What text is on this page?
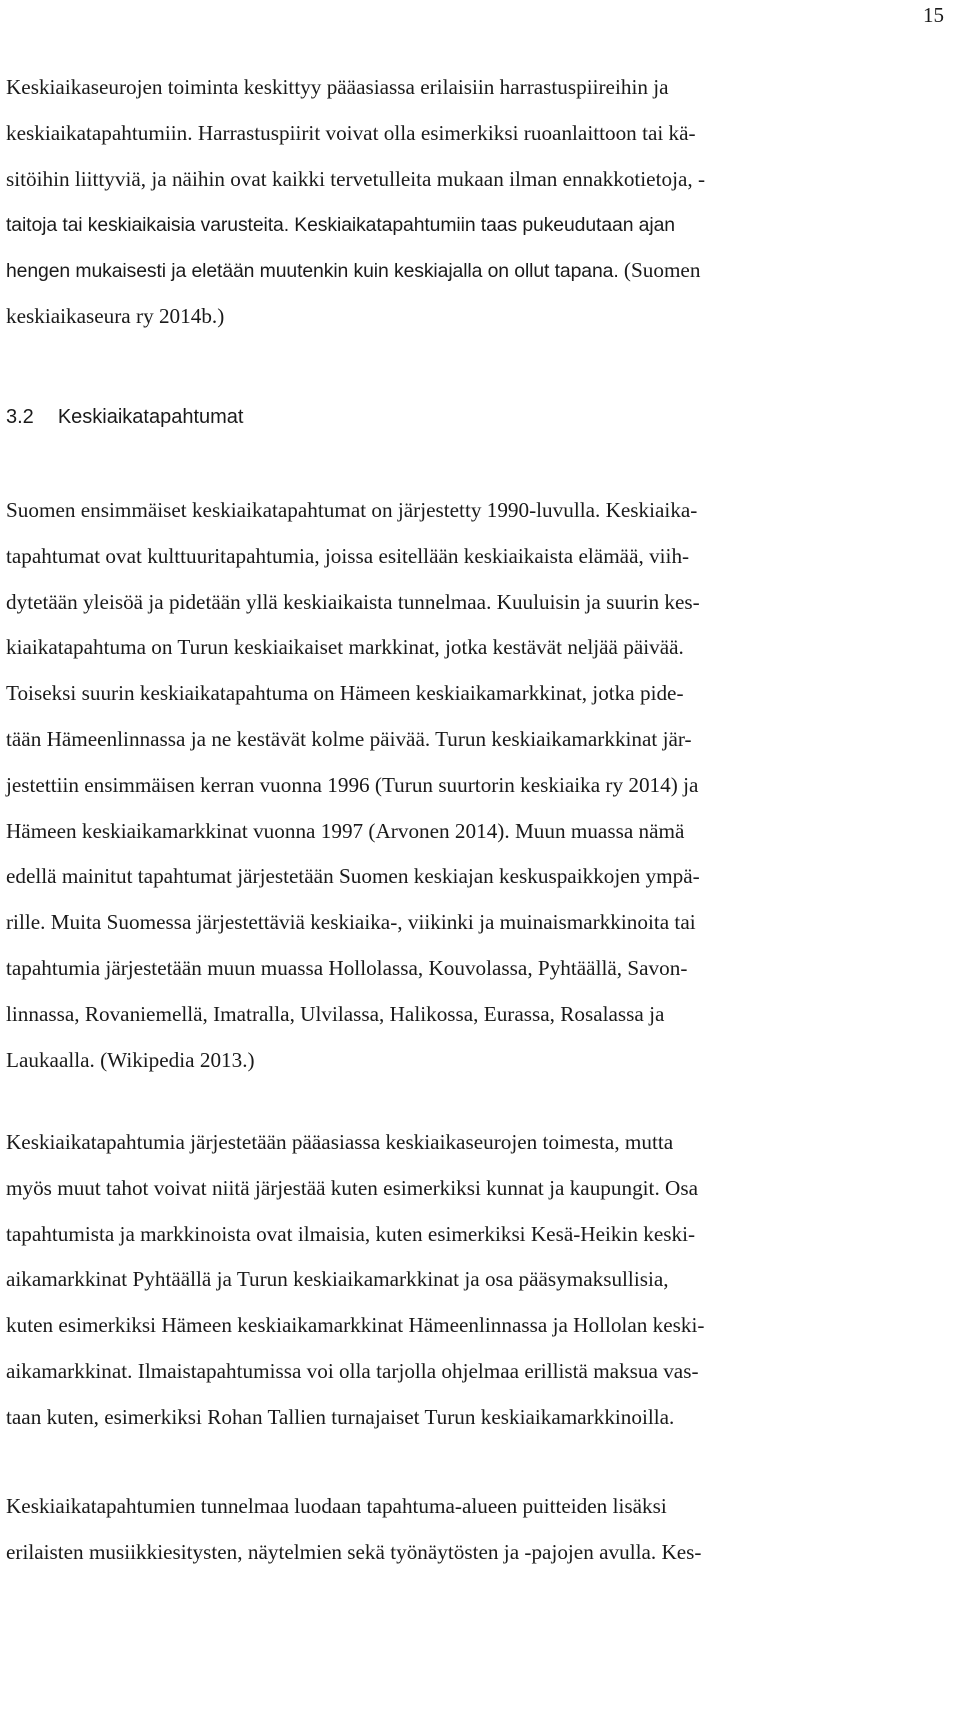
15
Keskiaikaseurojen toiminta keskittyy pääasiassa erilaisiin harrastuspiireihin ja
keskiaikatapahtumiin. Harrastuspiirit voivat olla esimerkiksi ruoanlaittoon tai kä-
sitöihin liittyviä, ja näihin ovat kaikki tervetulleita mukaan ilman ennakkotietoja, -
taitoja tai keskiaikaisia varusteita. Keskiaikatapahtumiin taas pukeudutaan ajan
hengen mukaisesti ja eletään muutenkin kuin keskiajalla on ollut tapana. (Suomen
keskiaikaseura ry 2014b.)
3.2 Keskiaikatapahtumat
Suomen ensimmäiset keskiaikatapahtumat on järjestetty 1990-luvulla. Keskiaika-
tapahtumat ovat kulttuuritapahtumia, joissa esitellään keskiaikaista elämää, viih-
dytetään yleisöä ja pidetään yllä keskiaikaista tunnelmaa. Kuuluisin ja suurin kes-
kiaikatapahtuma on Turun keskiaikaiset markkinat, jotka kestävät neljää päivää.
Toiseksi suurin keskiaikatapahtuma on Hämeen keskiaikamarkkinat, jotka pide-
tään Hämeenlinnassa ja ne kestävät kolme päivää. Turun keskiaikamarkkinat jär-
jestettiin ensimmäisen kerran vuonna 1996 (Turun suurtorin keskiaika ry 2014) ja
Hämeen keskiaikamarkkinat vuonna 1997 (Arvonen 2014). Muun muassa nämä
edellä mainitut tapahtumat järjestetään Suomen keskiajan keskuspaikkojen ympä-
rille. Muita Suomessa järjestettäviä keskiaika-, viikinki ja muinaismarkkinoita tai
tapahtumia järjestetään muun muassa Hollolassa, Kouvolassa, Pyhtäällä, Savon-
linnassa, Rovaniemellä, Imatralla, Ulvilassa, Halikossa, Eurassa, Rosalassa ja
Laukaalla. (Wikipedia 2013.)
Keskiaikatapahtumia järjestetään pääasiassa keskiaikaseurojen toimesta, mutta
myös muut tahot voivat niitä järjestää kuten esimerkiksi kunnat ja kaupungit. Osa
tapahtumista ja markkinoista ovat ilmaisia, kuten esimerkiksi Kesä-Heikin keski-
aikamarkkinat Pyhtäällä ja Turun keskiaikamarkkinat ja osa pääsymaksullisia,
kuten esimerkiksi Hämeen keskiaikamarkkinat Hämeenlinnassa ja Hollolan keski-
aikamarkkinat. Ilmaistapahtumissa voi olla tarjolla ohjelmaa erillistä maksua vas-
taan kuten, esimerkiksi Rohan Tallien turnajaiset Turun keskiaikamarkkinoilla.
Keskiaikatapahtumien tunnelmaa luodaan tapahtuma-alueen puitteiden lisäksi
erilaisten musiikkiesitysten, näytelmien sekä työnäytösten ja -pajojen avulla. Kes-
